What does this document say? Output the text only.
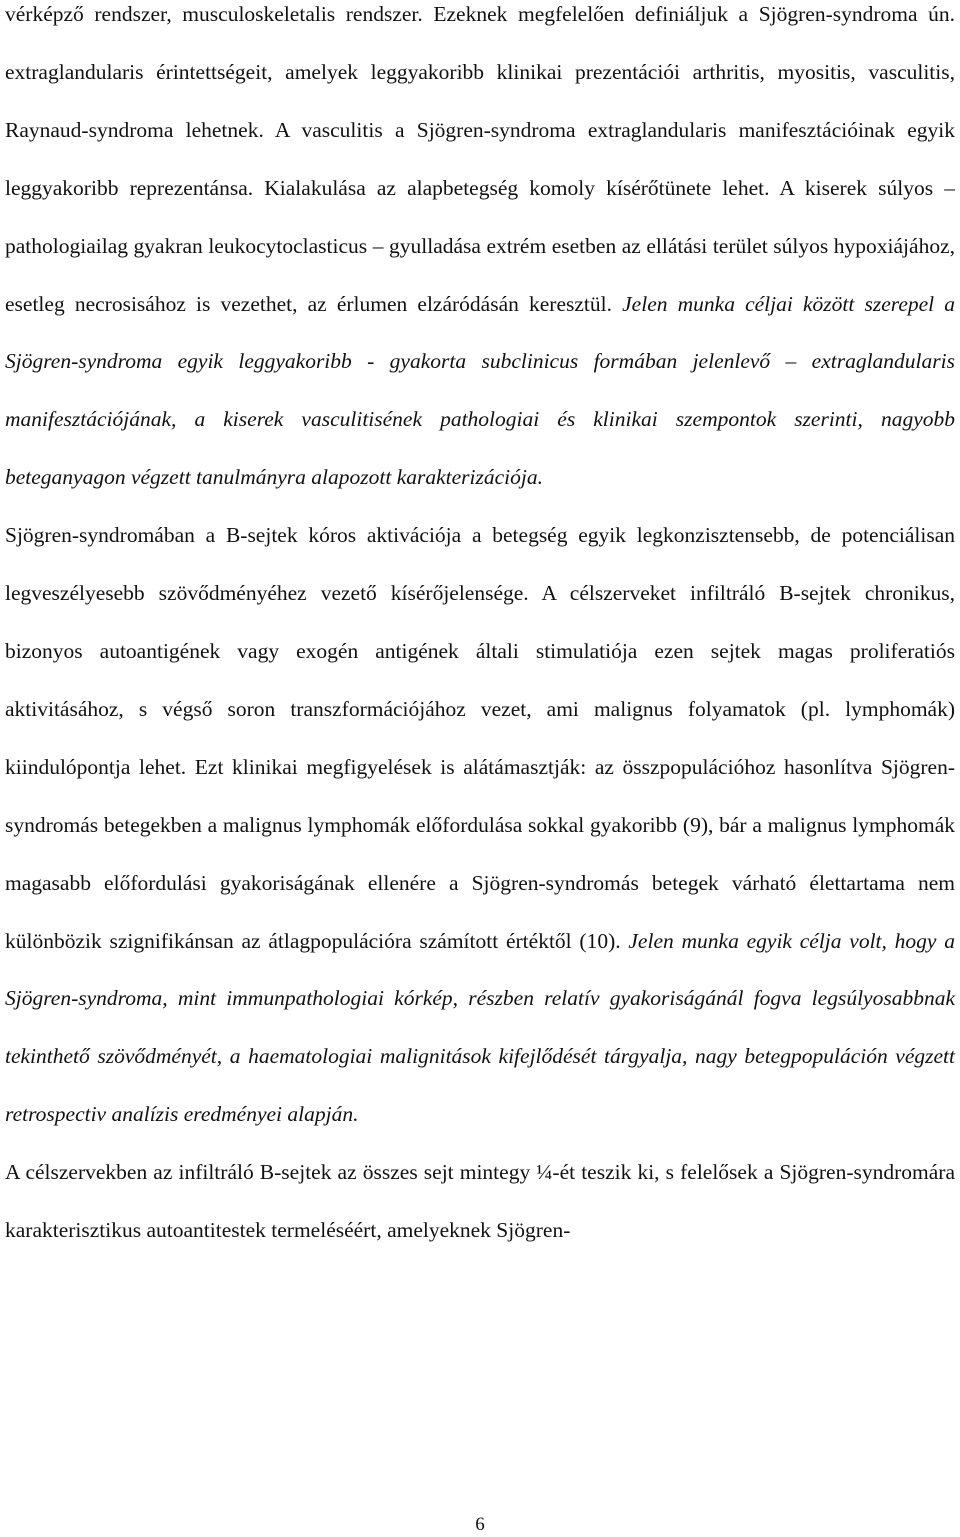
vérképző rendszer, musculoskeletalis rendszer. Ezeknek megfelelően definiáljuk a Sjögren-syndroma ún. extraglandularis érintettségeit, amelyek leggyakoribb klinikai prezentációi arthritis, myositis, vasculitis, Raynaud-syndroma lehetnek. A vasculitis a Sjögren-syndroma extraglandularis manifesztációinak egyik leggyakoribb reprezentánsa. Kialakulása az alapbetegség komoly kísérőtünete lehet. A kiserek súlyos – pathologiailag gyakran leukocytoclasticus – gyulladása extrém esetben az ellátási terület súlyos hypoxiájához, esetleg necrosisához is vezethet, az érlumen elzáródásán keresztül. Jelen munka céljai között szerepel a Sjögren-syndroma egyik leggyakoribb - gyakorta subclinicus formában jelenlevő – extraglandularis manifesztációjának, a kiserek vasculitisének pathologiai és klinikai szempontok szerinti, nagyobb beteganyagon végzett tanulmányra alapozott karakterizációja.

Sjögren-syndromában a B-sejtek kóros aktivációja a betegség egyik legkonzisztensebb, de potenciálisan legveszélyesebb szövődményéhez vezető kísérőjelensége. A célszerveket infiltráló B-sejtek chronikus, bizonyos autoantigének vagy exogén antigének általi stimulatiója ezen sejtek magas proliferatiós aktivitásához, s végső soron transzformációjához vezet, ami malignus folyamatok (pl. lymphomák) kiindulópontja lehet. Ezt klinikai megfigyelések is alátámasztják: az összpopulációhoz hasonlítva Sjögren-syndromás betegekben a malignus lymphomák előfordulása sokkal gyakoribb (9), bár a malignus lymphomák magasabb előfordulási gyakoriságának ellenére a Sjögren-syndromás betegek várható élettartama nem különbözik szignifikánsan az átlagpopulációra számított értéktől (10). Jelen munka egyik célja volt, hogy a Sjögren-syndroma, mint immunpathologiai kórkép, részben relatív gyakoriságánál fogva legsúlyosabbnak tekinthető szövődményét, a haematologiai malignitások kifejlődését tárgyalja, nagy betegpopuláción végzett retrospectiv analízis eredményei alapján.

A célszervekben az infiltráló B-sejtek az összes sejt mintegy ¼-ét teszik ki, s felelősek a Sjögren-syndromára karakterisztikus autoantitestek termeléséért, amelyeknek Sjögren-

6
